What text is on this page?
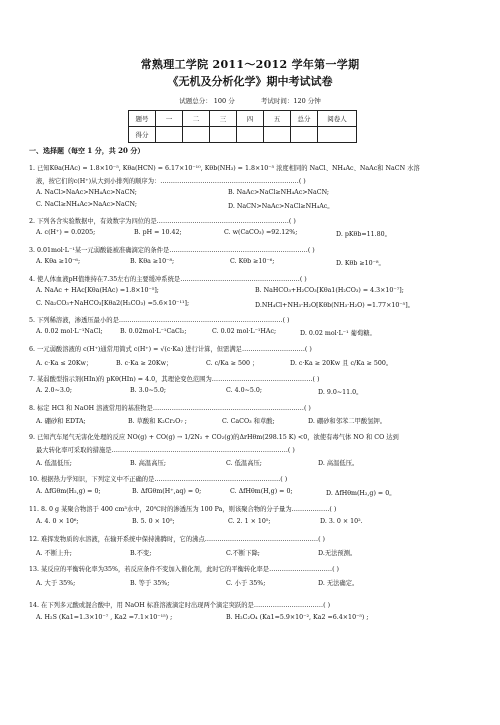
常熟理工学院 2011～2012 学年第一学期
《无机及分析化学》期中考试试卷
试题总分： 100 分	考试时间：120 分钟
题号	一	二	三	四	五	总分	阅卷人
得分							
一、选择题（每空 1 分，共 20 分）
1. 已知Kθa(HAc) = 1.8×10⁻⁵, Kθa(HCN) = 6.17×10⁻¹⁰, Kθb(NH₃) = 1.8×10⁻⁵ 浓度相同的 NaCl、NH₄Ac、NaAc和 NaCN 水溶
液，按它们的c(H⁺)从大到小排列的顺序为：…………………………………………………………( )
A. NaCl>NaAc>NH₄Ac>NaCN;	B. NaAc>NaCl≥NH₄Ac>NaCN;
C. NaCl≥NH₄Ac>NaAc>NaCN;	D. NaCN>NaAc>NaCl≥NH₄Ac。
2. 下列各含实验数据中，有效数字为四位的是………………………………………………………( )
A. c(H⁺) = 0.0205;	B. pH = 10.42;	C. w(CaCO₃) =92.12%;	D. pKθb=11.80。
3. 0.01mol·L⁻¹某一元弱酸能被准确滴定的条件是…………………………………………………………( )
A. Kθa ≥10⁻⁶;	B. Kθa ≥10⁻⁸;	C. Kθb ≥10⁻⁶;	D. Kθb ≥10⁻⁸。
4. 使人体血液pH值维持在7.35左右的主要缓冲系统是…………………………………………………( )
A. NaAc + HAc[Kθa(HAc) =1.8×10⁻⁵];	B. NaHCO₃+H₂CO₃[Kθa1(H₂CO₃) = 4.3×10⁻⁷];
C. Na₂CO₃+NaHCO₃[Kθa2(H₂CO₃) =5.6×10⁻¹¹];	D.NH₄Cl+NH₃·H₂O[Kθb(NH₃·H₂O) =1.77×10⁻⁵]。
5. 下列稀溶液，渗透压最小的是……………………………………………………………………( )
A. 0.02 mol·L⁻¹NaCl;	B. 0.02mol·L⁻¹CaCl₂;	C. 0.02 mol·L⁻¹HAc;	D. 0.02 mol·L⁻¹ 葡萄糖。
6. 一元弱酸溶液的 c(H⁺)通常用简式 c(H⁺) = √(c·Ka) 进行计算，但需满足…………………………( )
A. c·Ka ≤ 20Kw；	B. c·Ka ≥ 20Kw；	C. c/Ka ≥ 500 ；	D. c·Ka ≥ 20Kw 且 c/Ka ≥ 500。
7. 某弱酸型指示剂(HIn)的 pKθ(HIn) = 4.0，其理论变色范围为…………………………………………( )
A. 2.0~3.0;	B. 3.0~5.0;	C. 4.0~5.0;	D. 9.0~11.0。
8. 标定 HCl 和 NaOH 溶液常用的基准物是………………………………………………………………( )
A. 硼砂和 EDTA;	B. 草酸和 K₂Cr₂O₇ ;	C. CaCO₃ 和草酸;	D. 硼砂和邻苯二甲酸氢钾。
9. 已知汽车尾气无害化处理的反应 NO(g) + CO(g) → 1/2N₂ + CO₂(g)的ΔrHθm(298.15 K) <0，欲使有毒气体 NO 和 CO 达到
最大转化率可采取的措施是…………………………………………………………………………( )
A. 低温低压;	B. 高温高压;	C. 低温高压;	D. 高温低压。
10. 根据热力学知识，下列定义中不正确的是……………………………………………………( )
A. ΔfGθm(H₂,g) = 0;	B. ΔfGθm(H⁺,aq) = 0;	C. ΔfHθm(H,g) = 0;	D. ΔfHθm(H₂,g) = 0。
11. 8. 0 g 某聚合物溶于 400 cm³水中，20℃时的渗透压为 100 Pa，则该聚合物的分子量为………………( )
A. 4. 0 × 10⁶;	B. 5. 0 × 10⁵;	C. 2. 1 × 10⁵;	D. 3. 0 × 10².
12. 难挥发物质的水溶液，在输开系统中保持沸腾时，它的沸点………………………………………………( )
A. 不断上升;	B.不变;	C.不断下降;	D.无法预测。
13. 某反应的平衡转化率为35%，若反应条件不变加入催化剂，此时它的平衡转化率是…………………………( )
A. 大于 35%;	B. 等于 35%;	C. 小于 35%;	D. 无法确定。
14. 在下列多元酸或混合酸中，用 NaOH 标准溶液滴定时出现两个滴定突跃的是……………………………( )
A. H₂S (Ka1=1.3×10⁻⁷ , Ka2 =7.1×10⁻¹⁵) ;	B. H₂C₂O₄ (Ka1=5.9×10⁻², Ka2 =6.4×10⁻⁵) ;
